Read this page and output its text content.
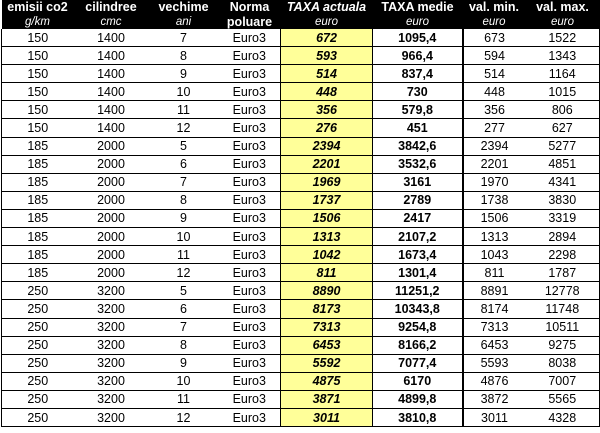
emisii co2	cilindree	vechime	Norma	TAXA actuala	TAXA medie	val. min.	val. max.
g/km	cmc	ani	poluare	euro	euro	euro	euro
150	1400	7	Euro3	672	1095,4	673	1522
150	1400	8	Euro3	593	966,4	594	1343
150	1400	9	Euro3	514	837,4	514	1164
150	1400	10	Euro3	448	730	448	1015
150	1400	11	Euro3	356	579,8	356	806
150	1400	12	Euro3	276	451	277	627
185	2000	5	Euro3	2394	3842,6	2394	5277
185	2000	6	Euro3	2201	3532,6	2201	4851
185	2000	7	Euro3	1969	3161	1970	4341
185	2000	8	Euro3	1737	2789	1738	3830
185	2000	9	Euro3	1506	2417	1506	3319
185	2000	10	Euro3	1313	2107,2	1313	2894
185	2000	11	Euro3	1042	1673,4	1043	2298
185	2000	12	Euro3	811	1301,4	811	1787
250	3200	5	Euro3	8890	11251,2	8891	12778
250	3200	6	Euro3	8173	10343,8	8174	11748
250	3200	7	Euro3	7313	9254,8	7313	10511
250	3200	8	Euro3	6453	8166,2	6453	9275
250	3200	9	Euro3	5592	7077,4	5593	8038
250	3200	10	Euro3	4875	6170	4876	7007
250	3200	11	Euro3	3871	4899,8	3872	5565
250	3200	12	Euro3	3011	3810,8	3011	4328
